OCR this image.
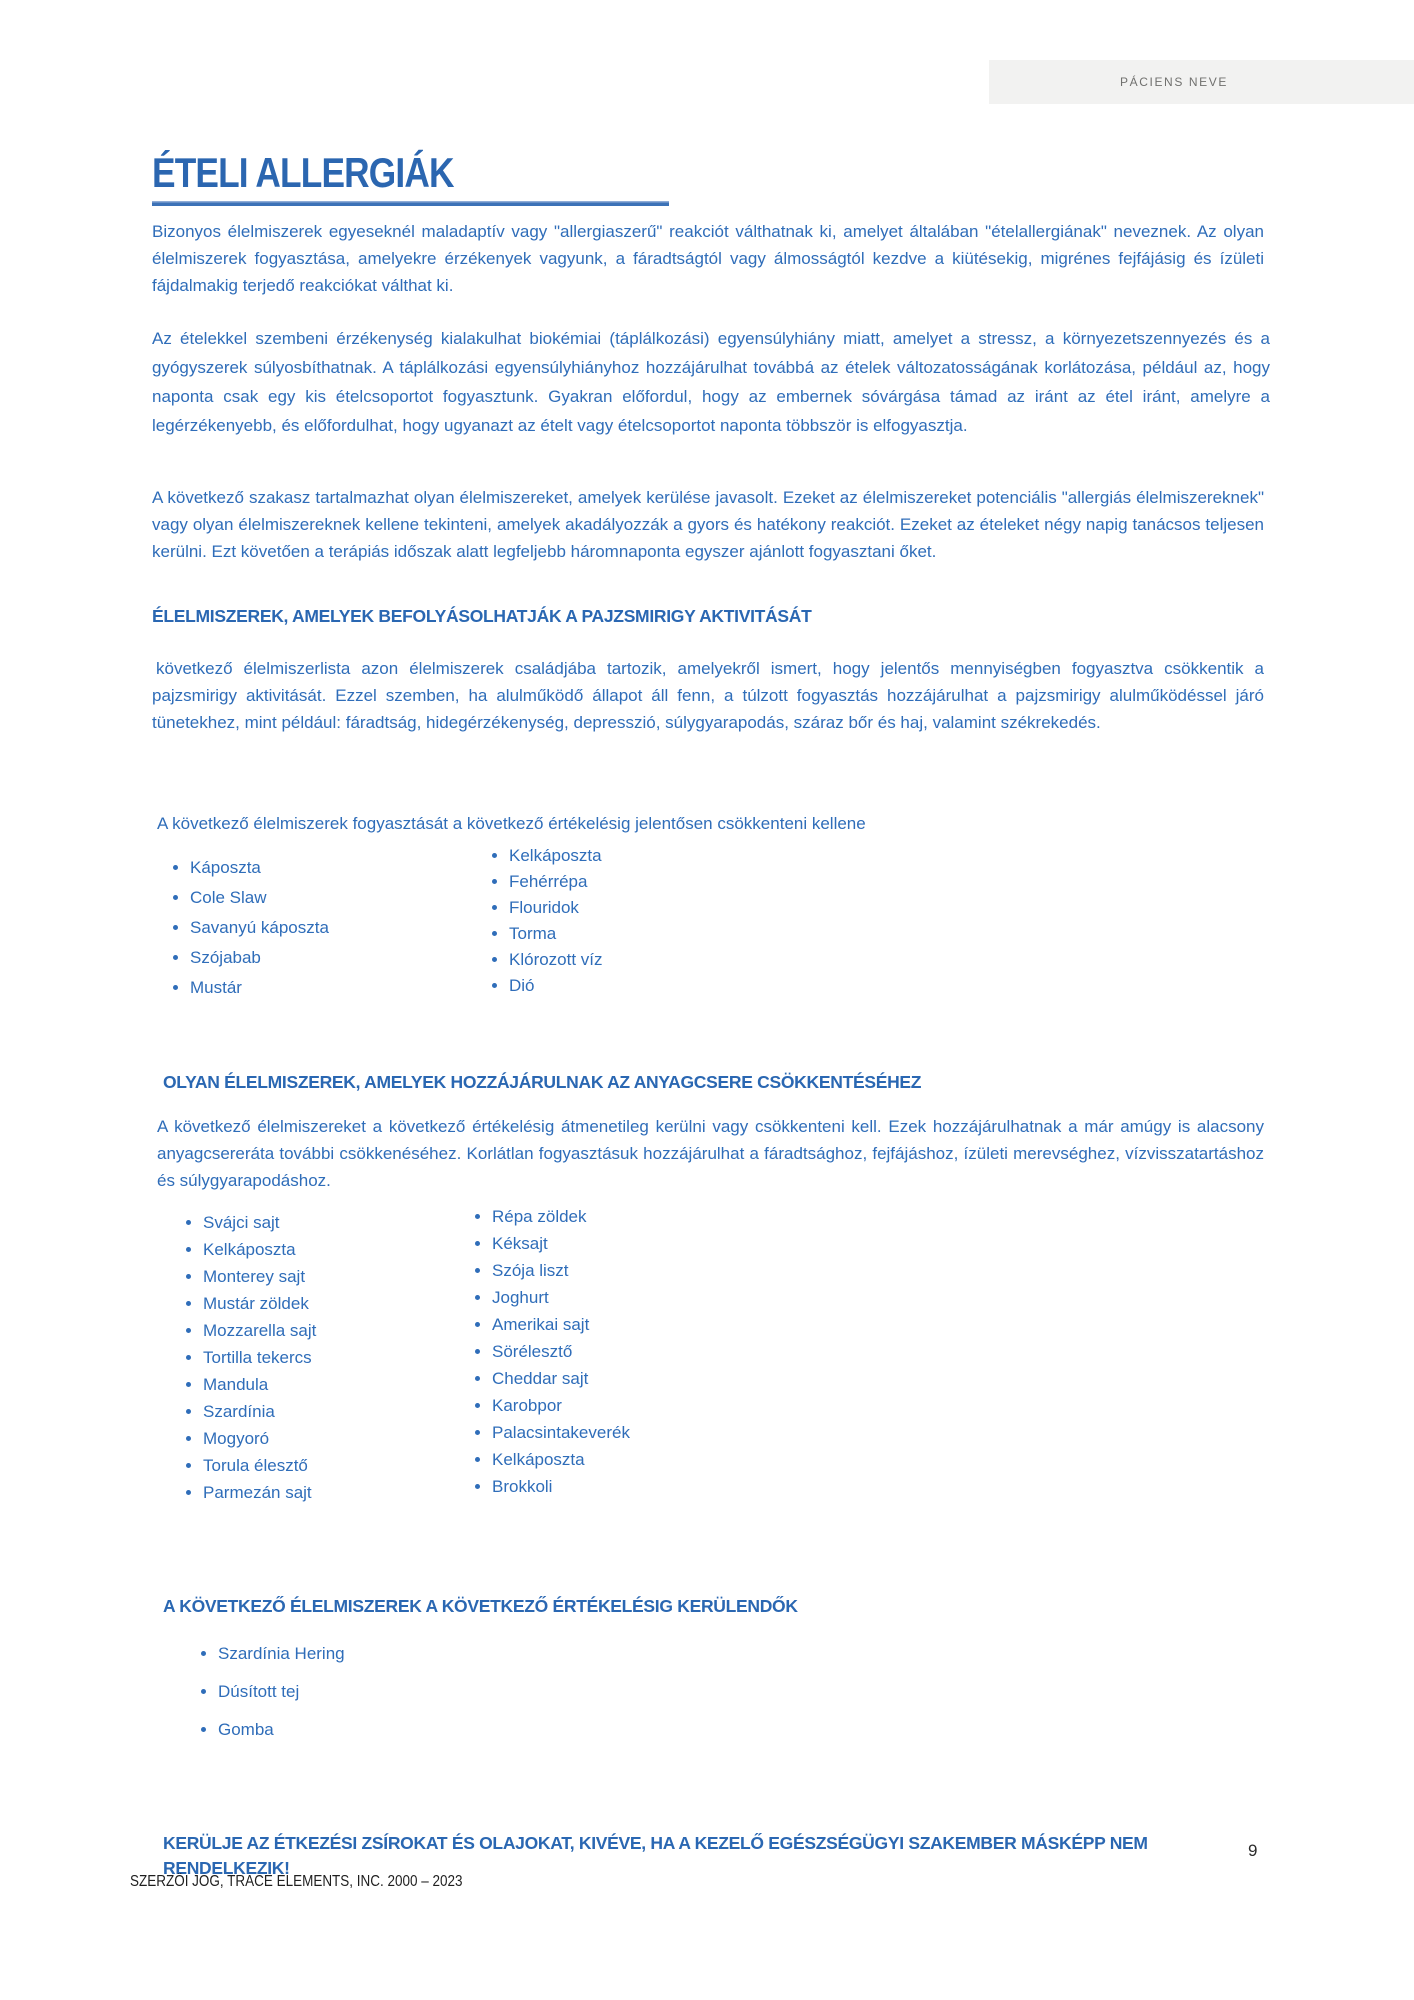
PÁCIENS NEVE
ÉTELI ALLERGIÁK

Bizonyos élelmiszerek egyeseknél maladaptív vagy "allergiaszerű" reakciót válthatnak ki, amelyet általában "ételallergiának" neveznek. Az olyan élelmiszerek fogyasztása, amelyekre érzékenyek vagyunk, a fáradtságtól vagy álmosságtól kezdve a kiütésekig, migrénes fejfájásig és ízületi fájdalmakig terjedő reakciókat válthat ki.

Az ételekkel szembeni érzékenység kialakulhat biokémiai (táplálkozási) egyensúlyhiány miatt, amelyet a stressz, a környezetszennyezés és a gyógyszerek súlyosbíthatnak. A táplálkozási egyensúlyhiányhoz hozzájárulhat továbbá az ételek változatosságának korlátozása, például az, hogy naponta csak egy kis ételcsoportot fogyasztunk. Gyakran előfordul, hogy az embernek sóvárgása támad az iránt az étel iránt, amelyre a legérzékenyebb, és előfordulhat, hogy ugyanazt az ételt vagy ételcsoportot naponta többször is elfogyasztja.

A következő szakasz tartalmazhat olyan élelmiszereket, amelyek kerülése javasolt. Ezeket az élelmiszereket potenciális "allergiás élelmiszereknek" vagy olyan élelmiszereknek kellene tekinteni, amelyek akadályozzák a gyors és hatékony reakciót. Ezeket az ételeket négy napig tanácsos teljesen kerülni. Ezt követően a terápiás időszak alatt legfeljebb háromnaponta egyszer ajánlott fogyasztani őket.

ÉLELMISZEREK, AMELYEK BEFOLYÁSOLHATJÁK A PAJZSMIRIGY AKTIVITÁSÁT

következő élelmiszerlista azon élelmiszerek családjába tartozik, amelyekről ismert, hogy jelentős mennyiségben fogyasztva csökkentik a pajzsmirigy aktivitását. Ezzel szemben, ha alulműködő állapot áll fenn, a túlzott fogyasztás hozzájárulhat a pajzsmirigy alulműködéssel járó tünetekhez, mint például: fáradtság, hidegérzékenység, depresszió, súlygyarapodás, száraz bőr és haj, valamint székrekedés.

A következő élelmiszerek fogyasztását a következő értékelésig jelentősen csökkenteni kellene

• Káposzta
• Cole Slaw
• Savanyú káposzta
• Szójabab
• Mustár
• Kelkáposzta
• Fehérrépa
• Flouridok
• Torma
• Klórozott víz
• Dió
OLYAN ÉLELMISZEREK, AMELYEK HOZZÁJÁRULNAK AZ ANYAGCSERE CSÖKKENTÉSÉHEZ

A következő élelmiszereket a következő értékelésig átmenetileg kerülni vagy csökkenteni kell. Ezek hozzájárulhatnak a már amúgy is alacsony anyagcsereráta további csökkenéséhez. Korlátlan fogyasztásuk hozzájárulhat a fáradtsághoz, fejfájáshoz, ízületi merevséghez, vízvisszatartáshoz és súlygyarapodáshoz.

• Svájci sajt
• Kelkáposzta
• Monterey sajt
• Mustár zöldek
• Mozzarella sajt
• Tortilla tekercs
• Mandula
• Szardínia
• Mogyoró
• Torula élesztő
• Parmezán sajt
• Répa zöldek
• Kéksajt
• Szója liszt
• Joghurt
• Amerikai sajt
• Sörélesztő
• Cheddar sajt
• Karobpor
• Palacsintakeverék
• Kelkáposzta
• Brokkoli
A KÖVETKEZŐ ÉLELMISZEREK A KÖVETKEZŐ ÉRTÉKELÉSIG KERÜLENDŐK
• Szardínia Hering
• Dúsított tej
• Gomba
KERÜLJE AZ ÉTKEZÉSI ZSÍROKAT ÉS OLAJOKAT, KIVÉVE, HA A KEZELŐ EGÉSZSÉGÜGYI SZAKEMBER MÁSKÉPP NEM RENDELKEZIK!
SZERZŐI JOG, TRACE ELEMENTS, INC. 2000 – 2023
9
